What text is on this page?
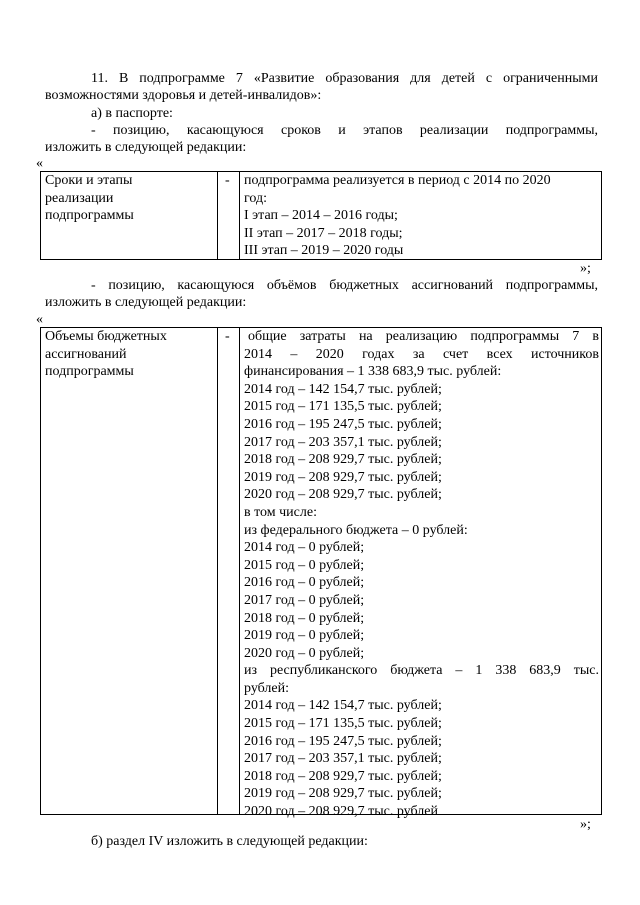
11. В подпрограмме 7 «Развитие образования для детей с ограниченными

возможностями здоровья и детей-инвалидов»:

а) в паспорте:

- позицию, касающуюся сроков и этапов реализации подпрограммы,

изложить в следующей редакции:

«

Сроки и этапы
реализации
подпрограммы
- подпрограмма реализуется в период с 2014 по 2020
год:
I этап – 2014 – 2016 годы;
II этап – 2017 – 2018 годы;
III этап – 2019 – 2020 годы

»;

- позицию, касающуюся объёмов бюджетных ассигнований подпрограммы,

изложить в следующей редакции:

«

Объемы бюджетных
ассигнований
подпрограммы
- общие затраты на реализацию подпрограммы 7 в
2014 – 2020 годах за счет всех источников
финансирования – 1 338 683,9 тыс. рублей:
2014 год – 142 154,7 тыс. рублей;
2015 год – 171 135,5 тыс. рублей;
2016 год – 195 247,5 тыс. рублей;
2017 год – 203 357,1 тыс. рублей;
2018 год – 208 929,7 тыс. рублей;
2019 год – 208 929,7 тыс. рублей;
2020 год – 208 929,7 тыс. рублей;
в том числе:
из федерального бюджета – 0 рублей:
2014 год – 0 рублей;
2015 год – 0 рублей;
2016 год – 0 рублей;
2017 год – 0 рублей;
2018 год – 0 рублей;
2019 год – 0 рублей;
2020 год – 0 рублей;
из республиканского бюджета – 1 338 683,9 тыс.
рублей:
2014 год – 142 154,7 тыс. рублей;
2015 год – 171 135,5 тыс. рублей;
2016 год – 195 247,5 тыс. рублей;
2017 год – 203 357,1 тыс. рублей;
2018 год – 208 929,7 тыс. рублей;
2019 год – 208 929,7 тыс. рублей;
2020 год – 208 929,7 тыс. рублей

»;

б) раздел IV изложить в следующей редакции:
